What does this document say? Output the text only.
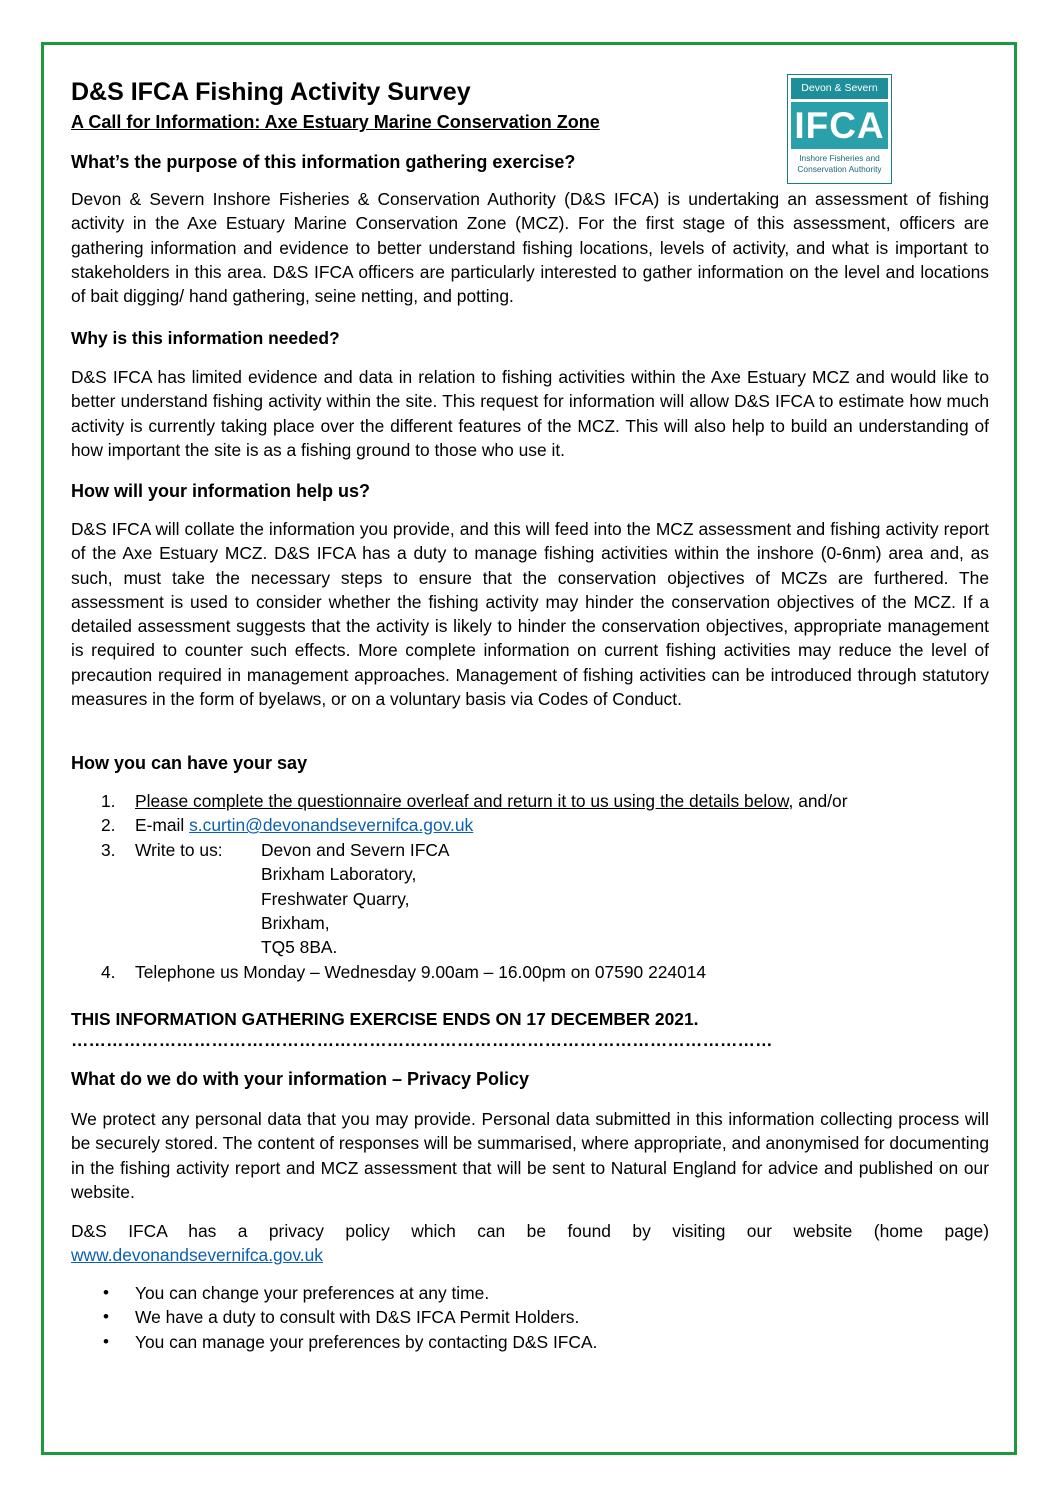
Devon & Severn
IFCA
Inshore Fisheries and
Conservation Authority
D&S IFCA Fishing Activity Survey
A Call for Information: Axe Estuary Marine Conservation Zone
What’s the purpose of this information gathering exercise?

Devon & Severn Inshore Fisheries & Conservation Authority (D&S IFCA) is undertaking an assessment of fishing activity in the Axe Estuary Marine Conservation Zone (MCZ). For the first stage of this assessment, officers are gathering information and evidence to better understand fishing locations, levels of activity, and what is important to stakeholders in this area. D&S IFCA officers are particularly interested to gather information on the level and locations of bait digging/ hand gathering, seine netting, and potting.

Why is this information needed?

D&S IFCA has limited evidence and data in relation to fishing activities within the Axe Estuary MCZ and would like to better understand fishing activity within the site. This request for information will allow D&S IFCA to estimate how much activity is currently taking place over the different features of the MCZ. This will also help to build an understanding of how important the site is as a fishing ground to those who use it.

How will your information help us?

D&S IFCA will collate the information you provide, and this will feed into the MCZ assessment and fishing activity report of the Axe Estuary MCZ. D&S IFCA has a duty to manage fishing activities within the inshore (0-6nm) area and, as such, must take the necessary steps to ensure that the conservation objectives of MCZs are furthered. The assessment is used to consider whether the fishing activity may hinder the conservation objectives of the MCZ. If a detailed assessment suggests that the activity is likely to hinder the conservation objectives, appropriate management is required to counter such effects. More complete information on current fishing activities may reduce the level of precaution required in management approaches. Management of fishing activities can be introduced through statutory measures in the form of byelaws, or on a voluntary basis via Codes of Conduct.

How you can have your say
1. Please complete the questionnaire overleaf and return it to us using the details below, and/or
2. E-mail s.curtin@devonandsevernifca.gov.uk
3. Write to us: Devon and Severn IFCA
Brixham Laboratory,
Freshwater Quarry,
Brixham,
TQ5 8BA.
4. Telephone us Monday – Wednesday 9.00am – 16.00pm on 07590 224014

THIS INFORMATION GATHERING EXERCISE ENDS ON 17 DECEMBER 2021.

…………………………………………………………………………………………………………
What do we do with your information – Privacy Policy

We protect any personal data that you may provide. Personal data submitted in this information collecting process will be securely stored. The content of responses will be summarised, where appropriate, and anonymised for documenting in the fishing activity report and MCZ assessment that will be sent to Natural England for advice and published on our website.

D&S IFCA has a privacy policy which can be found by visiting our website (home page)

www.devonandsevernifca.gov.uk

• You can change your preferences at any time.
• We have a duty to consult with D&S IFCA Permit Holders.
• You can manage your preferences by contacting D&S IFCA.
